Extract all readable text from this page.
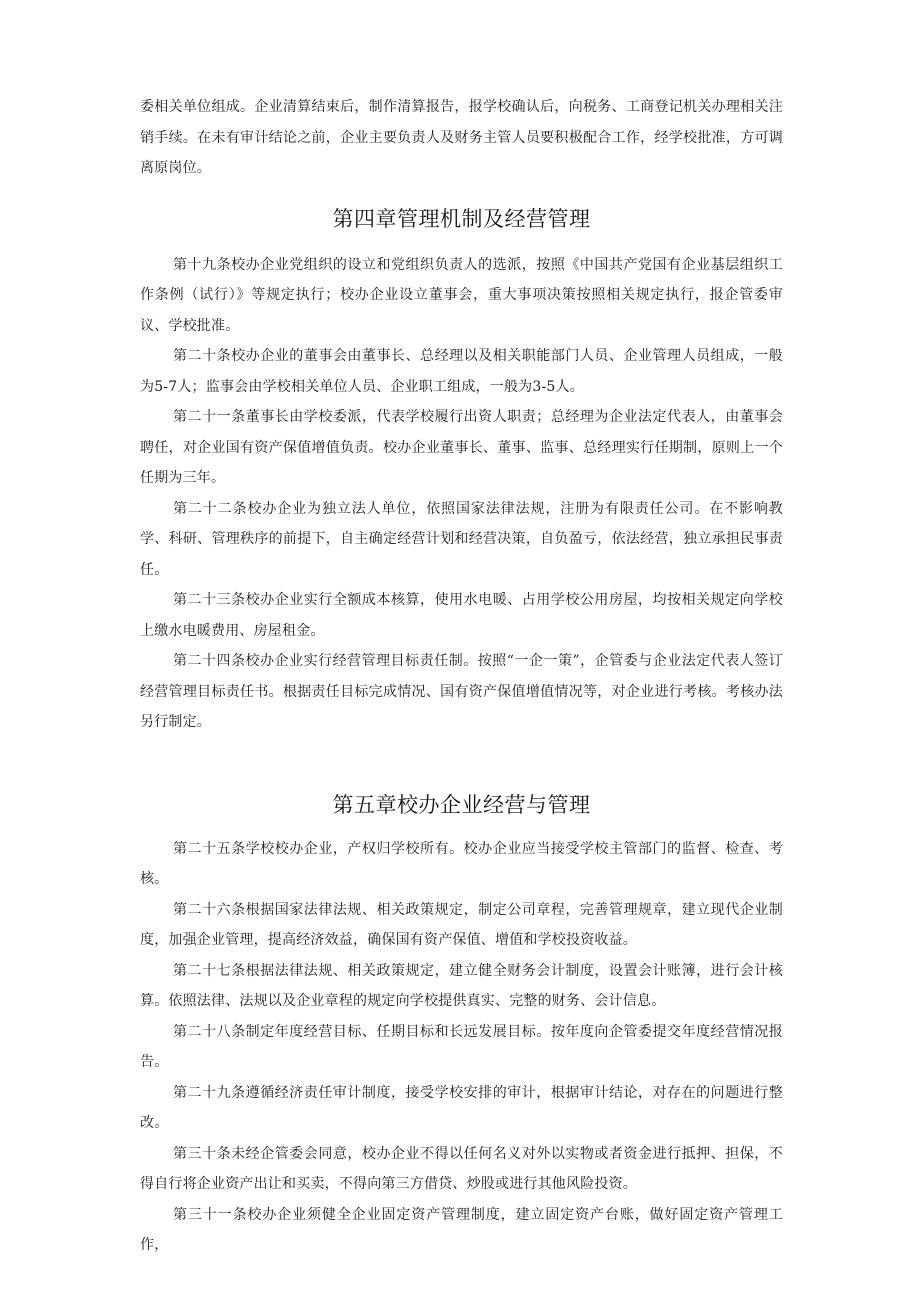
委相关单位组成。企业清算结束后，制作清算报告，报学校确认后，向税务、工商登记机关办理相关注销手续。在未有审计结论之前，企业主要负责人及财务主管人员要积极配合工作，经学校批准，方可调离原岗位。

第四章管理机制及经营管理

第十九条校办企业党组织的设立和党组织负责人的选派，按照《中国共产党国有企业基层组织工作条例（试行）》等规定执行；校办企业设立董事会，重大事项决策按照相关规定执行，报企管委审议、学校批准。

第二十条校办企业的董事会由董事长、总经理以及相关职能部门人员、企业管理人员组成，一般为5-7人；监事会由学校相关单位人员、企业职工组成，一般为3-5人。

第二十一条董事长由学校委派，代表学校履行出资人职责；总经理为企业法定代表人，由董事会聘任，对企业国有资产保值增值负责。校办企业董事长、董事、监事、总经理实行任期制，原则上一个任期为三年。

第二十二条校办企业为独立法人单位，依照国家法律法规，注册为有限责任公司。在不影响教学、科研、管理秩序的前提下，自主确定经营计划和经营决策，自负盈亏，依法经营，独立承担民事责任。

第二十三条校办企业实行全额成本核算，使用水电暖、占用学校公用房屋，均按相关规定向学校上缴水电暖费用、房屋租金。

第二十四条校办企业实行经营管理目标责任制。按照“一企一策”，企管委与企业法定代表人签订经营管理目标责任书。根据责任目标完成情况、国有资产保值增值情况等，对企业进行考核。考核办法另行制定。

第五章校办企业经营与管理

第二十五条学校校办企业，产权归学校所有。校办企业应当接受学校主管部门的监督、检查、考核。

第二十六条根据国家法律法规、相关政策规定，制定公司章程，完善管理规章，建立现代企业制度，加强企业管理，提高经济效益，确保国有资产保值、增值和学校投资收益。

第二十七条根据法律法规、相关政策规定，建立健全财务会计制度，设置会计账簿，进行会计核算。依照法律、法规以及企业章程的规定向学校提供真实、完整的财务、会计信息。

第二十八条制定年度经营目标、任期目标和长远发展目标。按年度向企管委提交年度经营情况报告。

第二十九条遵循经济责任审计制度，接受学校安排的审计，根据审计结论，对存在的问题进行整改。

第三十条未经企管委会同意，校办企业不得以任何名义对外以实物或者资金进行抵押、担保，不得自行将企业资产出让和买卖，不得向第三方借贷、炒股或进行其他风险投资。

第三十一条校办企业须健全企业固定资产管理制度，建立固定资产台账，做好固定资产管理工作，
